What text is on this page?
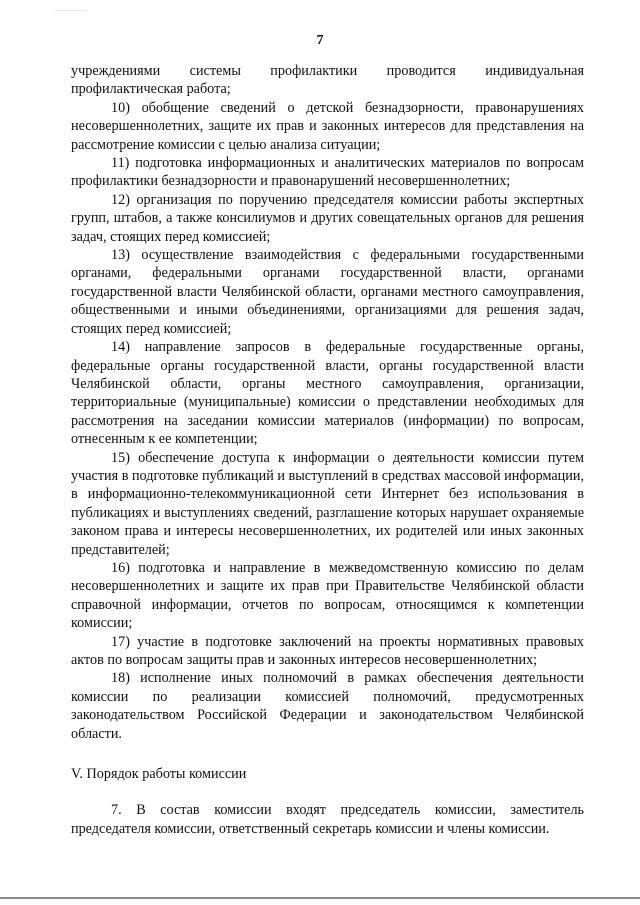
7

учреждениями системы профилактики проводится индивидуальная профилактическая работа;

10) обобщение сведений о детской безнадзорности, правонарушениях несовершеннолетних, защите их прав и законных интересов для представления на рассмотрение комиссии с целью анализа ситуации;

11) подготовка информационных и аналитических материалов по вопросам профилактики безнадзорности и правонарушений несовершеннолетних;

12) организация по поручению председателя комиссии работы экспертных групп, штабов, а также консилиумов и других совещательных органов для решения задач, стоящих перед комиссией;

13) осуществление взаимодействия с федеральными государственными органами, федеральными органами государственной власти, органами государственной власти Челябинской области, органами местного самоуправления, общественными и иными объединениями, организациями для решения задач, стоящих перед комиссией;

14) направление запросов в федеральные государственные органы, федеральные органы государственной власти, органы государственной власти Челябинской области, органы местного самоуправления, организации, территориальные (муниципальные) комиссии о представлении необходимых для рассмотрения на заседании комиссии материалов (информации) по вопросам, отнесенным к ее компетенции;

15) обеспечение доступа к информации о деятельности комиссии путем участия в подготовке публикаций и выступлений в средствах массовой информации, в информационно-телекоммуникационной сети Интернет без использования в публикациях и выступлениях сведений, разглашение которых нарушает охраняемые законом права и интересы несовершеннолетних, их родителей или иных законных представителей;

16) подготовка и направление в межведомственную комиссию по делам несовершеннолетних и защите их прав при Правительстве Челябинской области справочной информации, отчетов по вопросам, относящимся к компетенции комиссии;

17) участие в подготовке заключений на проекты нормативных правовых актов по вопросам защиты прав и законных интересов несовершеннолетних;

18) исполнение иных полномочий в рамках обеспечения деятельности комиссии по реализации комиссией полномочий, предусмотренных законодательством Российской Федерации и законодательством Челябинской области.

V. Порядок работы комиссии

7. В состав комиссии входят председатель комиссии, заместитель председателя комиссии, ответственный секретарь комиссии и члены комиссии.
